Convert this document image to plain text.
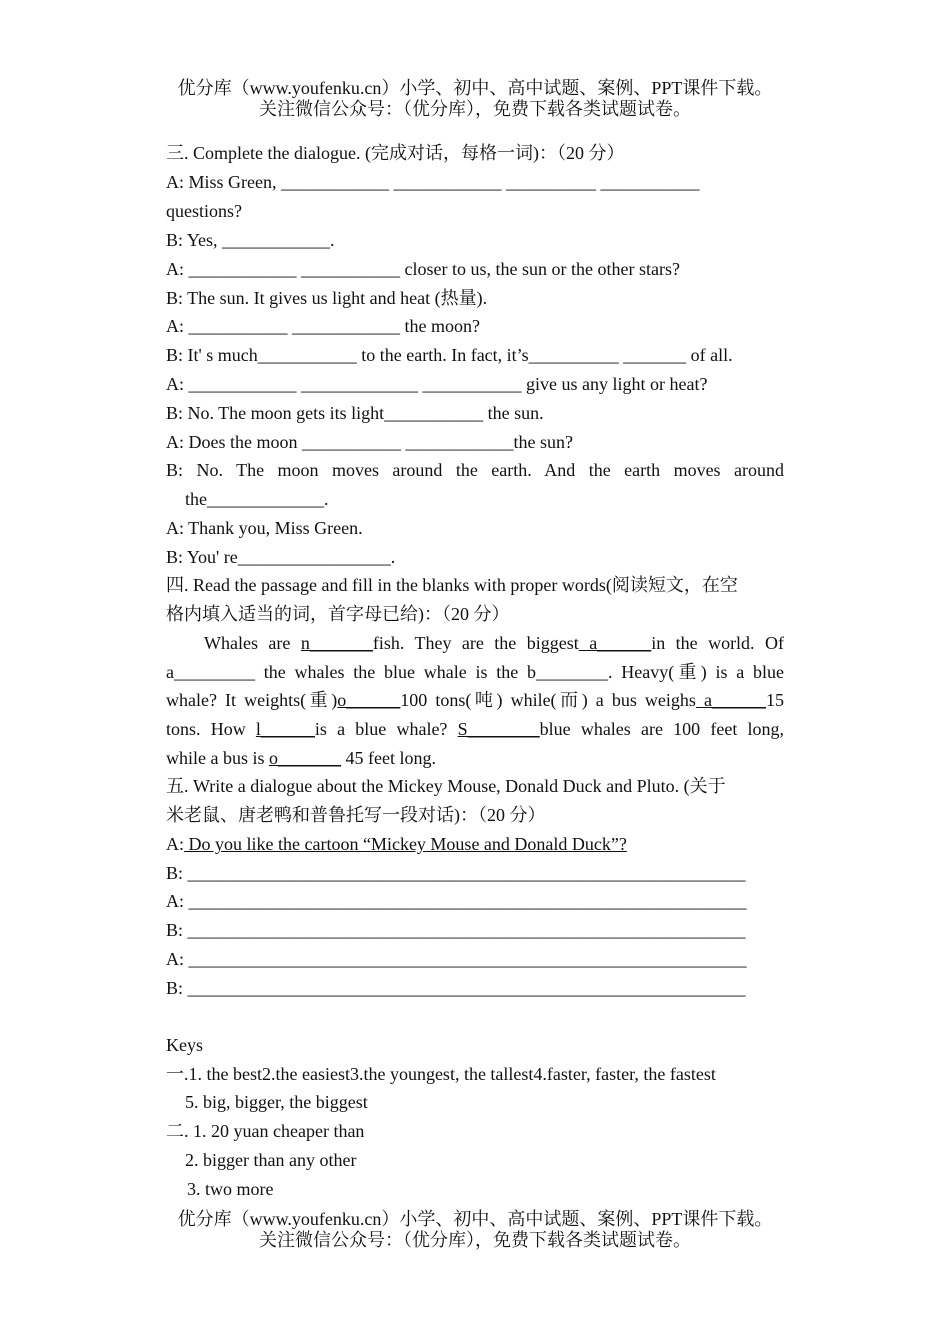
优分库（www.youfenku.cn）小学、初中、高中试题、案例、PPT课件下载。
关注微信公众号：（优分库），免费下载各类试题试卷。
三. Complete the dialogue. (完成对话，每格一词)：（20 分）
A: Miss Green, ____________ ____________ __________ ___________
questions?
B: Yes, ____________.
A: ____________ ___________ closer to us, the sun or the other stars?
B: The sun. It gives us light and heat (热量).
A: ___________ ____________ the moon?
B: It' s much___________ to the earth. In fact, it’s__________ _______ of all.
A: ____________ _____________ ___________ give us any light or heat?
B: No. The moon gets its light___________ the sun.
A: Does the moon ___________ ____________the sun?
B: No. The moon moves around the earth. And the earth moves around
the_____________.
A: Thank you, Miss Green.
B: You' re_________________.
四. Read the passage and fill in the blanks with proper words(阅读短文，在空
格内填入适当的词，首字母已给)：（20 分）
Whales are n_______fish. They are the biggest a______in the world. Of
a_________ the whales the blue whale is the b________. Heavy(重) is a blue
whale? It weights(重)o______100 tons(吨) while(而) a bus weighs a______15
tons. How l______is a blue whale? S________blue whales are 100 feet long,
while a bus is o_______ 45 feet long.
五. Write a dialogue about the Mickey Mouse, Donald Duck and Pluto. (关于
米老鼠、唐老鸭和普鲁托写一段对话)：（20 分）
A: Do you like the cartoon “Mickey Mouse and Donald Duck”?
B: ______________________________________________________________
A: ______________________________________________________________
B: ______________________________________________________________
A: ______________________________________________________________
B: ______________________________________________________________
Keys
一.1. the best2.the easiest3.the youngest, the tallest4.faster, faster, the fastest
5. big, bigger, the biggest
二. 1. 20 yuan cheaper than
2. bigger than any other
3. two more
优分库（www.youfenku.cn）小学、初中、高中试题、案例、PPT课件下载。
关注微信公众号：（优分库），免费下载各类试题试卷。
